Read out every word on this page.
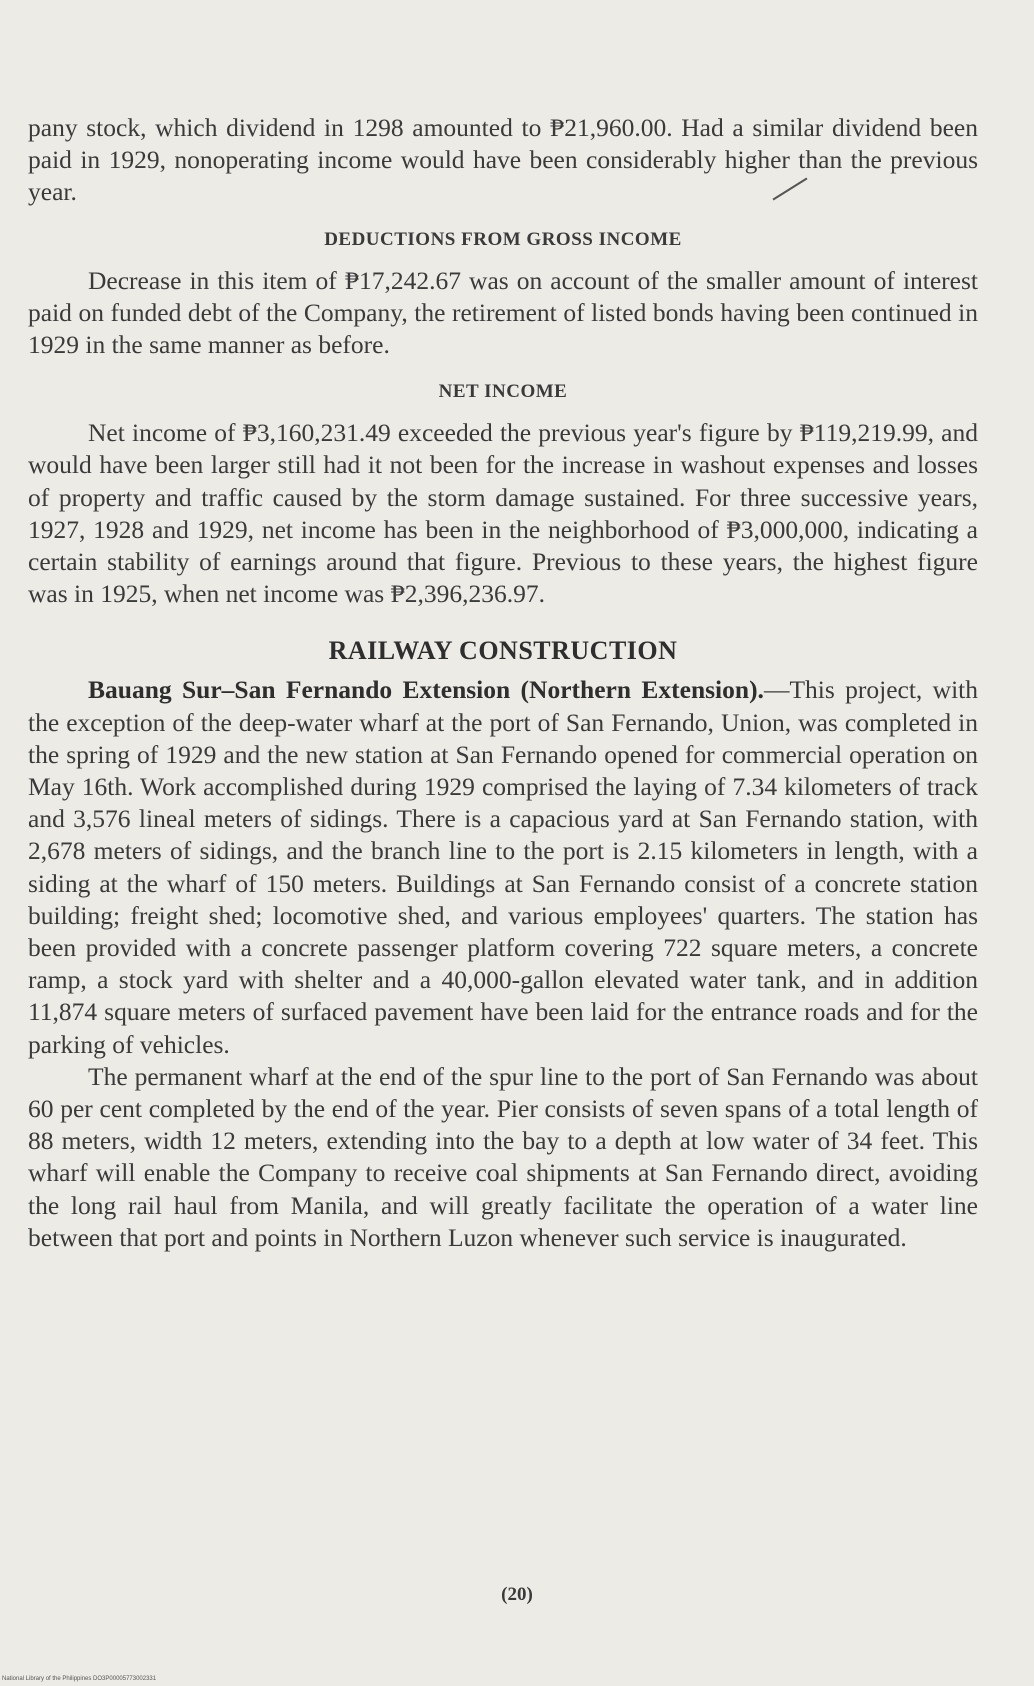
pany stock, which dividend in 1298 amounted to ₱21,960.00. Had a similar dividend been paid in 1929, nonoperating income would have been considerably higher than the previous year.

DEDUCTIONS FROM GROSS INCOME

Decrease in this item of ₱17,242.67 was on account of the smaller amount of interest paid on funded debt of the Company, the retirement of listed bonds having been continued in 1929 in the same manner as before.

NET INCOME

Net income of ₱3,160,231.49 exceeded the previous year's figure by ₱119,219.99, and would have been larger still had it not been for the increase in washout expenses and losses of property and traffic caused by the storm damage sustained. For three successive years, 1927, 1928 and 1929, net income has been in the neighborhood of ₱3,000,000, indicating a certain stability of earnings around that figure. Previous to these years, the highest figure was in 1925, when net income was ₱2,396,236.97.

RAILWAY CONSTRUCTION

Bauang Sur–San Fernando Extension (Northern Extension).—This project, with the exception of the deep-water wharf at the port of San Fernando, Union, was completed in the spring of 1929 and the new station at San Fernando opened for commercial operation on May 16th. Work accomplished during 1929 comprised the laying of 7.34 kilometers of track and 3,576 lineal meters of sidings. There is a capacious yard at San Fernando station, with 2,678 meters of sidings, and the branch line to the port is 2.15 kilometers in length, with a siding at the wharf of 150 meters. Buildings at San Fernando consist of a concrete station building; freight shed; locomotive shed, and various employees' quarters. The station has been provided with a concrete passenger platform covering 722 square meters, a concrete ramp, a stock yard with shelter and a 40,000-gallon elevated water tank, and in addition 11,874 square meters of surfaced pavement have been laid for the entrance roads and for the parking of vehicles.

The permanent wharf at the end of the spur line to the port of San Fernando was about 60 per cent completed by the end of the year. Pier consists of seven spans of a total length of 88 meters, width 12 meters, extending into the bay to a depth at low water of 34 feet. This wharf will enable the Company to receive coal shipments at San Fernando direct, avoiding the long rail haul from Manila, and will greatly facilitate the operation of a water line between that port and points in Northern Luzon whenever such service is inaugurated.

(20)
National Library of the Philippines DO3P00005773002331
